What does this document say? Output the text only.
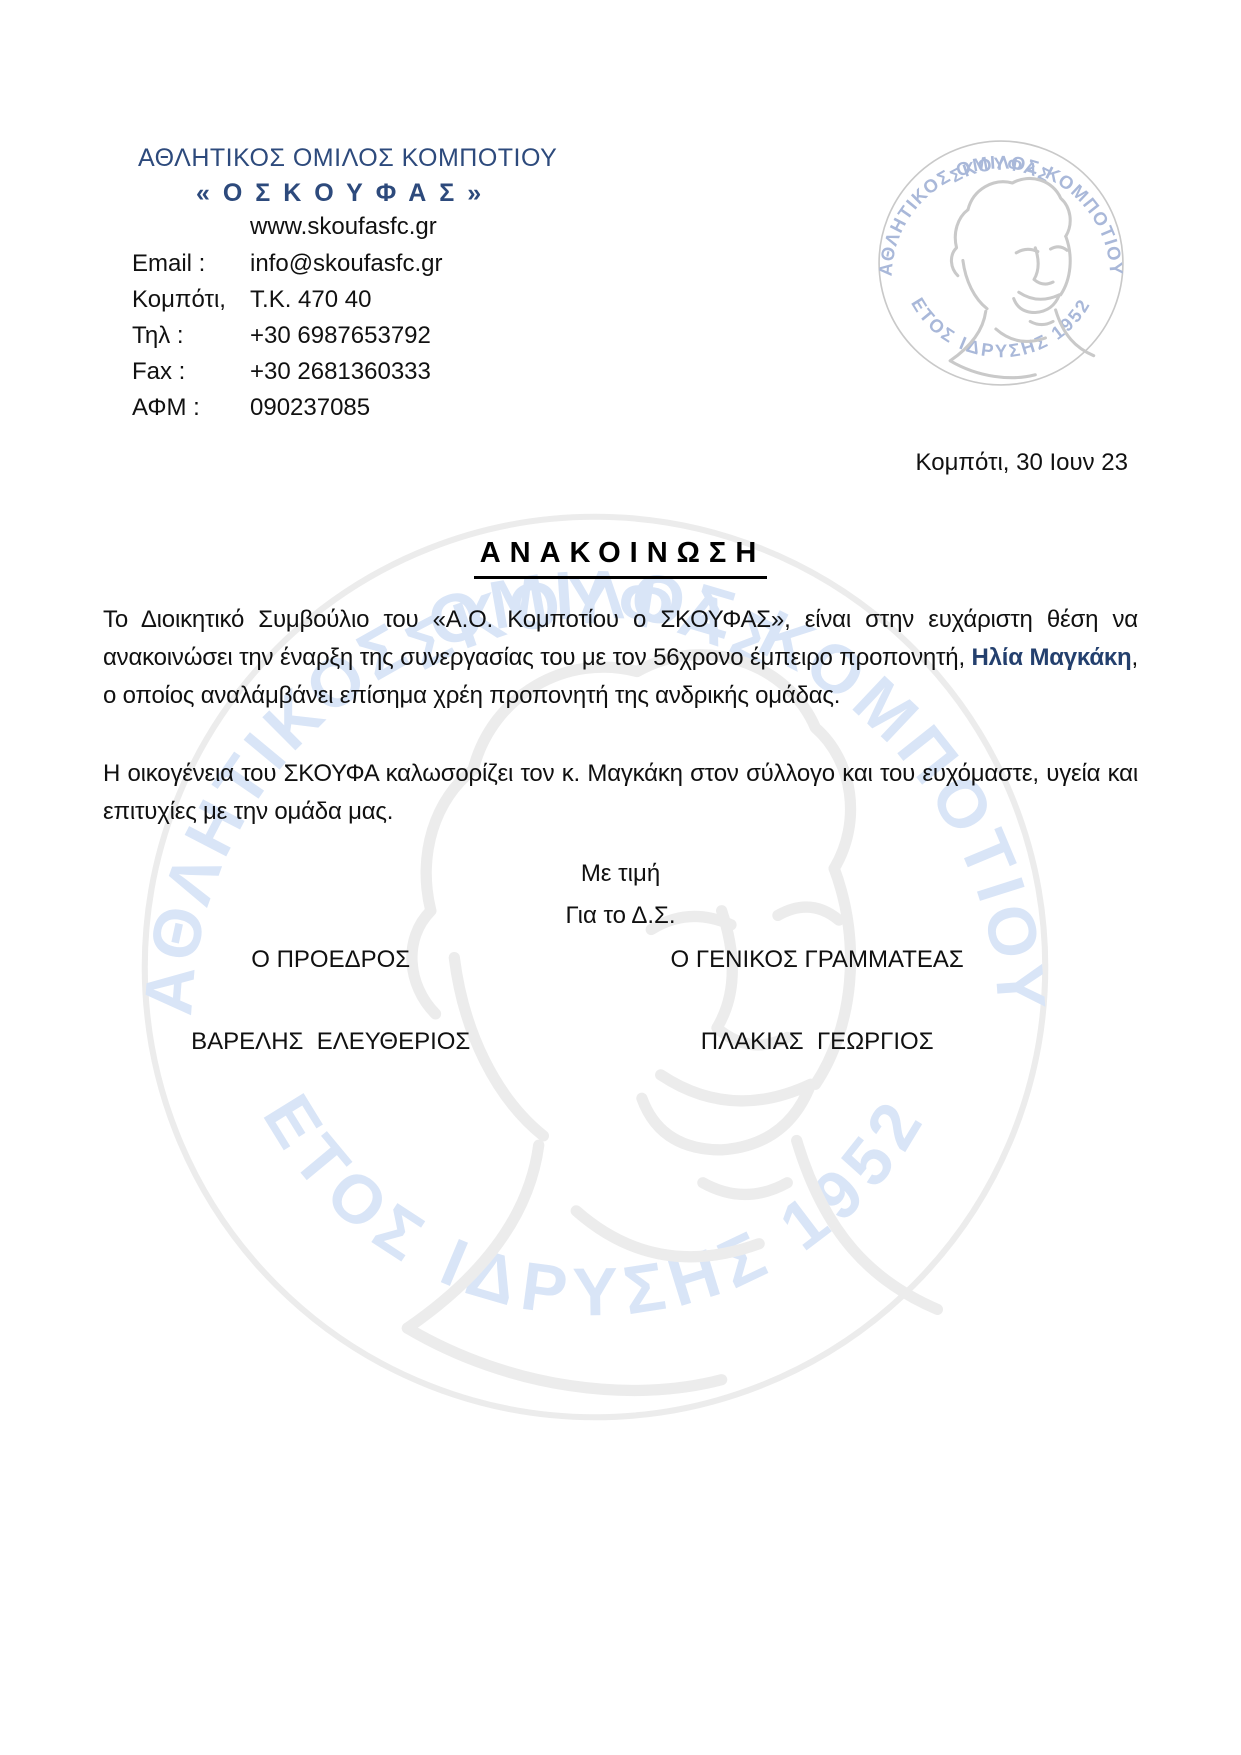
ΑΘΛΗΤΙΚΟΣ ΟΜΙΛΟΣ ΚΟΜΠΟΤΙΟΥ
« Ο Σ Κ Ο Υ Φ Α Σ »
www.skoufasfc.gr
Email :	info@skoufasfc.gr
Κομπότι,	Τ.Κ. 470 40
Τηλ :	+30 6987653792
Fax :	+30 2681360333
ΑΦΜ :	090237085
Κομπότι, 30 Ιουν 23
ΑΝΑΚΟΙΝΩΣΗ

Το Διοικητικό Συμβούλιο του «Α.Ο. Κομποτίου ο ΣΚΟΥΦΑΣ», είναι στην ευχάριστη θέση να ανακοινώσει την έναρξη της συνεργασίας του με τον 56χρονο έμπειρο προπονητή, Ηλία Μαγκάκη, ο οποίος αναλάμβάνει επίσημα χρέη προπονητή της ανδρικής ομάδας.

Η οικογένεια του ΣΚΟΥΦΑ καλωσορίζει τον κ. Μαγκάκη στον σύλλογο και του ευχόμαστε, υγεία και επιτυχίες με την ομάδα μας.

Με τιμή
Για το Δ.Σ.
Ο ΠΡΟΕΔΡΟΣ	Ο ΓΕΝΙΚΟΣ ΓΡΑΜΜΑΤΕΑΣ
ΒΑΡΕΛΗΣ  ΕΛΕΥΘΕΡΙΟΣ	ΠΛΑΚΙΑΣ  ΓΕΩΡΓΙΟΣ
